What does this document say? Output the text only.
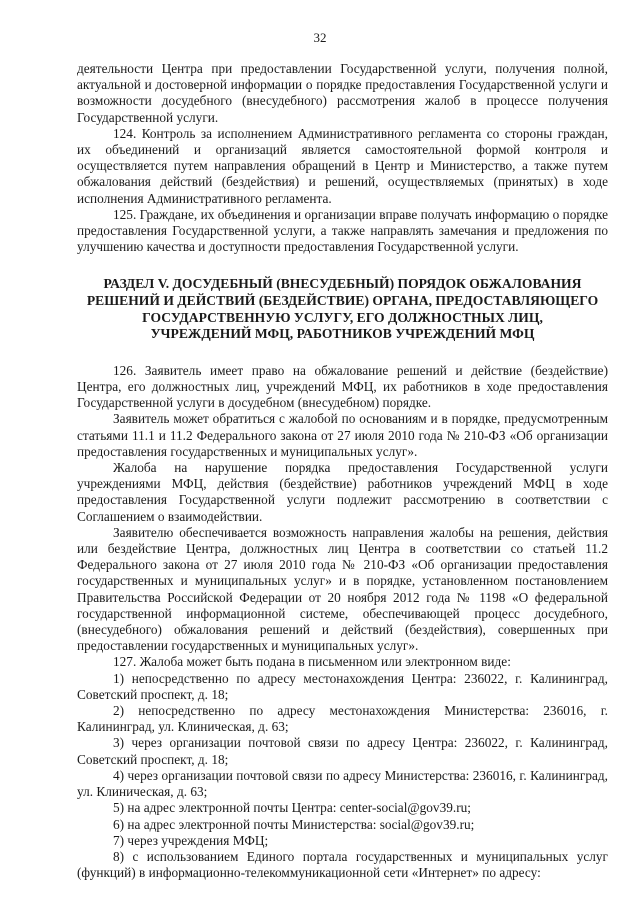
32

деятельности Центра при предоставлении Государственной услуги, получения полной, актуальной и достоверной информации о порядке предоставления Государственной услуги и возможности досудебного (внесудебного) рассмотрения жалоб в процессе получения Государственной услуги.

124. Контроль за исполнением Административного регламента со стороны граждан, их объединений и организаций является самостоятельной формой контроля и осуществляется путем направления обращений в Центр и Министерство, а также путем обжалования действий (бездействия) и решений, осуществляемых (принятых) в ходе исполнения Административного регламента.

125. Граждане, их объединения и организации вправе получать информацию о порядке предоставления Государственной услуги, а также направлять замечания и предложения по улучшению качества и доступности предоставления Государственной услуги.

РАЗДЕЛ V. ДОСУДЕБНЫЙ (ВНЕСУДЕБНЫЙ) ПОРЯДОК ОБЖАЛОВАНИЯ
РЕШЕНИЙ И ДЕЙСТВИЙ (БЕЗДЕЙСТВИЕ) ОРГАНА, ПРЕДОСТАВЛЯЮЩЕГО
ГОСУДАРСТВЕННУЮ УСЛУГУ, ЕГО ДОЛЖНОСТНЫХ ЛИЦ,
УЧРЕЖДЕНИЙ МФЦ, РАБОТНИКОВ УЧРЕЖДЕНИЙ МФЦ

126. Заявитель имеет право на обжалование решений и действие (бездействие) Центра, его должностных лиц, учреждений МФЦ, их работников в ходе предоставления Государственной услуги в досудебном (внесудебном) порядке.

Заявитель может обратиться с жалобой по основаниям и в порядке, предусмотренным статьями 11.1 и 11.2 Федерального закона от 27 июля 2010 года № 210-ФЗ «Об организации предоставления государственных и муниципальных услуг».

Жалоба на нарушение порядка предоставления Государственной услуги учреждениями МФЦ, действия (бездействие) работников учреждений МФЦ в ходе предоставления Государственной услуги подлежит рассмотрению в соответствии с Соглашением о взаимодействии.

Заявителю обеспечивается возможность направления жалобы на решения, действия или бездействие Центра, должностных лиц Центра в соответствии со статьей 11.2 Федерального закона от 27 июля 2010 года № 210-ФЗ «Об организации предоставления государственных и муниципальных услуг» и в порядке, установленном постановлением Правительства Российской Федерации от 20 ноября 2012 года № 1198 «О федеральной государственной информационной системе, обеспечивающей процесс досудебного, (внесудебного) обжалования решений и действий (бездействия), совершенных при предоставлении государственных и муниципальных услуг».

127. Жалоба может быть подана в письменном или электронном виде:

1) непосредственно по адресу местонахождения Центра: 236022, г. Калининград, Советский проспект, д. 18;

2) непосредственно по адресу местонахождения Министерства: 236016, г. Калининград, ул. Клиническая, д. 63;

3) через организации почтовой связи по адресу Центра: 236022, г. Калининград, Советский проспект, д. 18;

4) через организации почтовой связи по адресу Министерства: 236016, г. Калининград, ул. Клиническая, д. 63;

5) на адрес электронной почты Центра: center-social@gov39.ru;

6) на адрес электронной почты Министерства: social@gov39.ru;

7) через учреждения МФЦ;

8) с использованием Единого портала государственных и муниципальных услуг (функций) в информационно-телекоммуникационной сети «Интернет» по адресу:
